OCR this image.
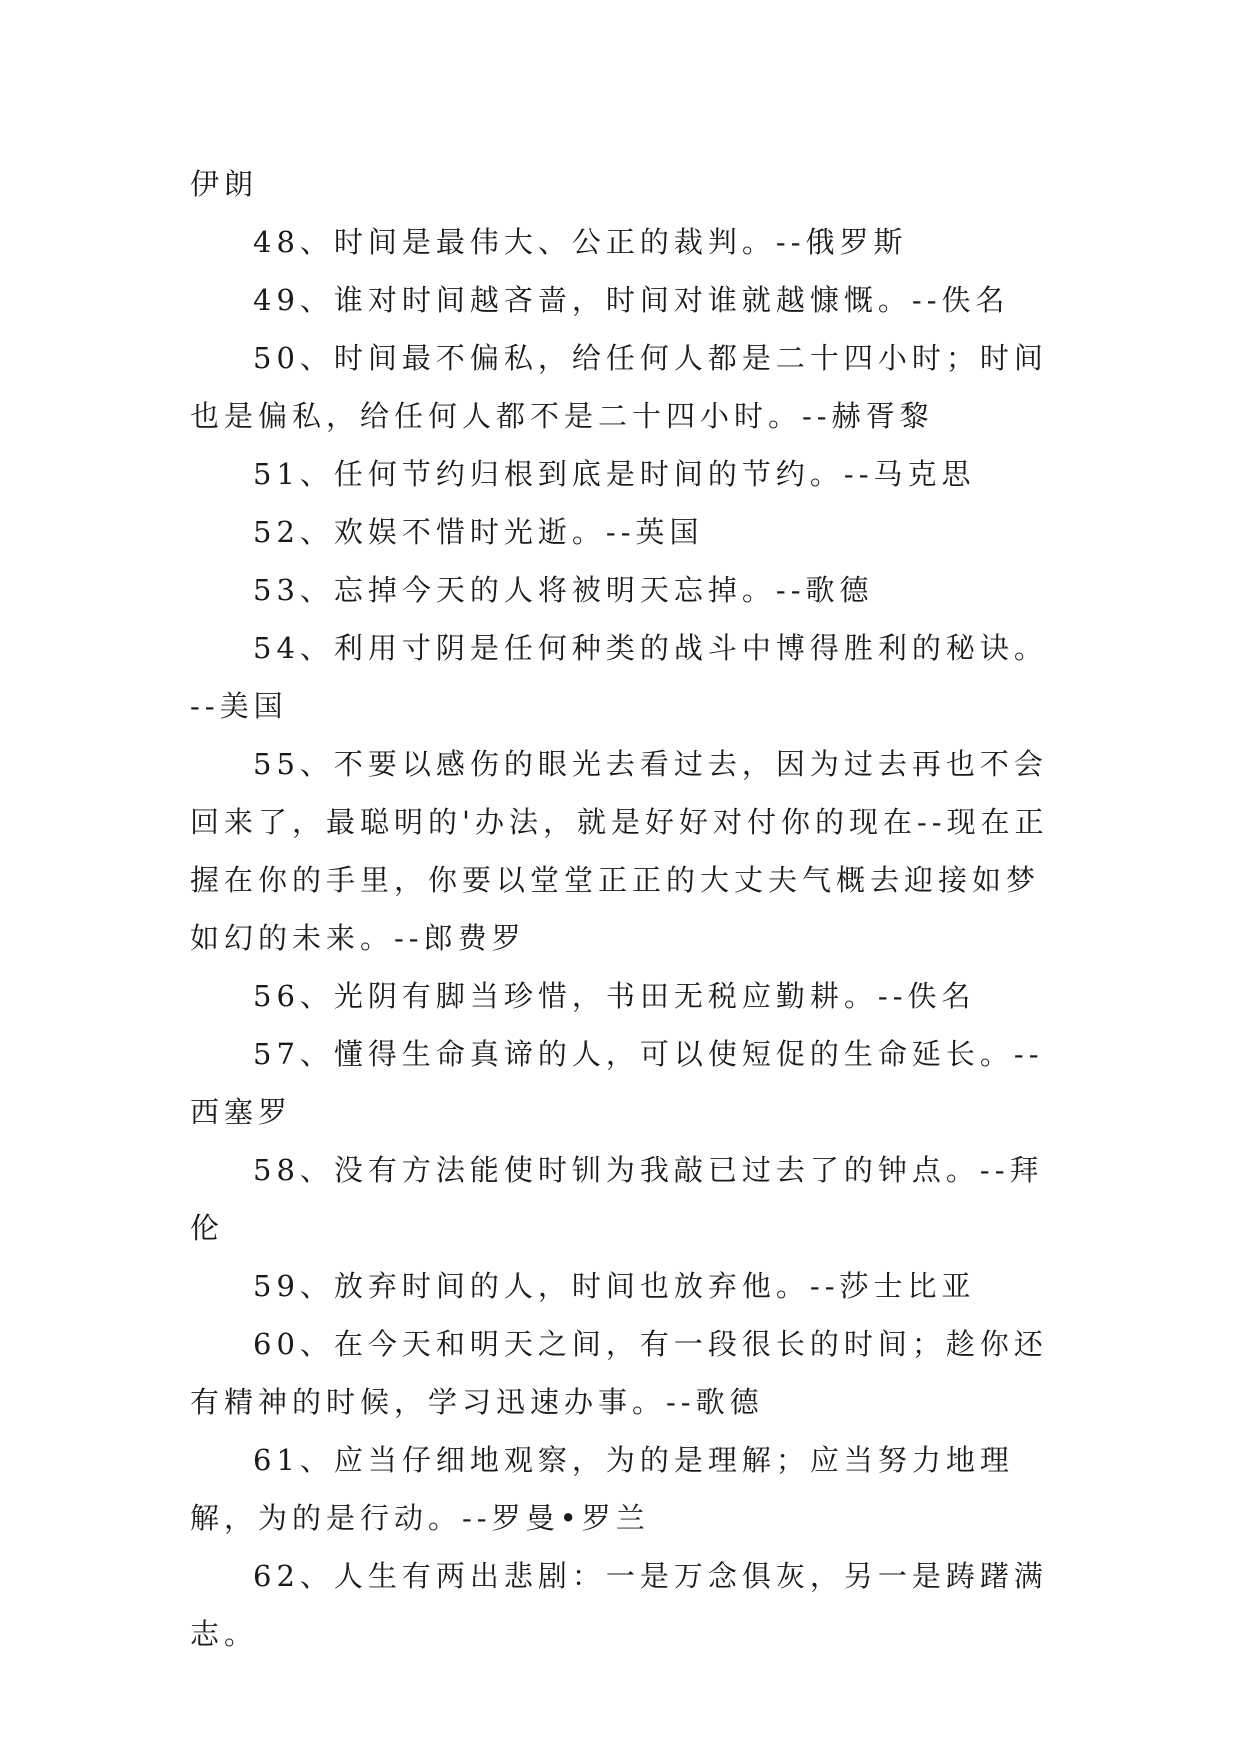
伊朗

48、时间是最伟大、公正的裁判。--俄罗斯

49、谁对时间越吝啬，时间对谁就越慷慨。--佚名

50、时间最不偏私，给任何人都是二十四小时；时间也是偏私，给任何人都不是二十四小时。--赫胥黎

51、任何节约归根到底是时间的节约。--马克思

52、欢娱不惜时光逝。--英国

53、忘掉今天的人将被明天忘掉。--歌德

54、利用寸阴是任何种类的战斗中博得胜利的秘诀。--美国

55、不要以感伤的眼光去看过去，因为过去再也不会回来了，最聪明的'办法，就是好好对付你的现在--现在正握在你的手里，你要以堂堂正正的大丈夫气概去迎接如梦如幻的未来。--郎费罗

56、光阴有脚当珍惜，书田无税应勤耕。--佚名

57、懂得生命真谛的人，可以使短促的生命延长。--西塞罗

58、没有方法能使时钏为我敲已过去了的钟点。--拜伦

59、放弃时间的人，时间也放弃他。--莎士比亚

60、在今天和明天之间，有一段很长的时间；趁你还有精神的时候，学习迅速办事。--歌德

61、应当仔细地观察，为的是理解；应当努力地理解，为的是行动。--罗曼•罗兰

62、人生有两出悲剧：一是万念俱灰，另一是踌躇满志。
